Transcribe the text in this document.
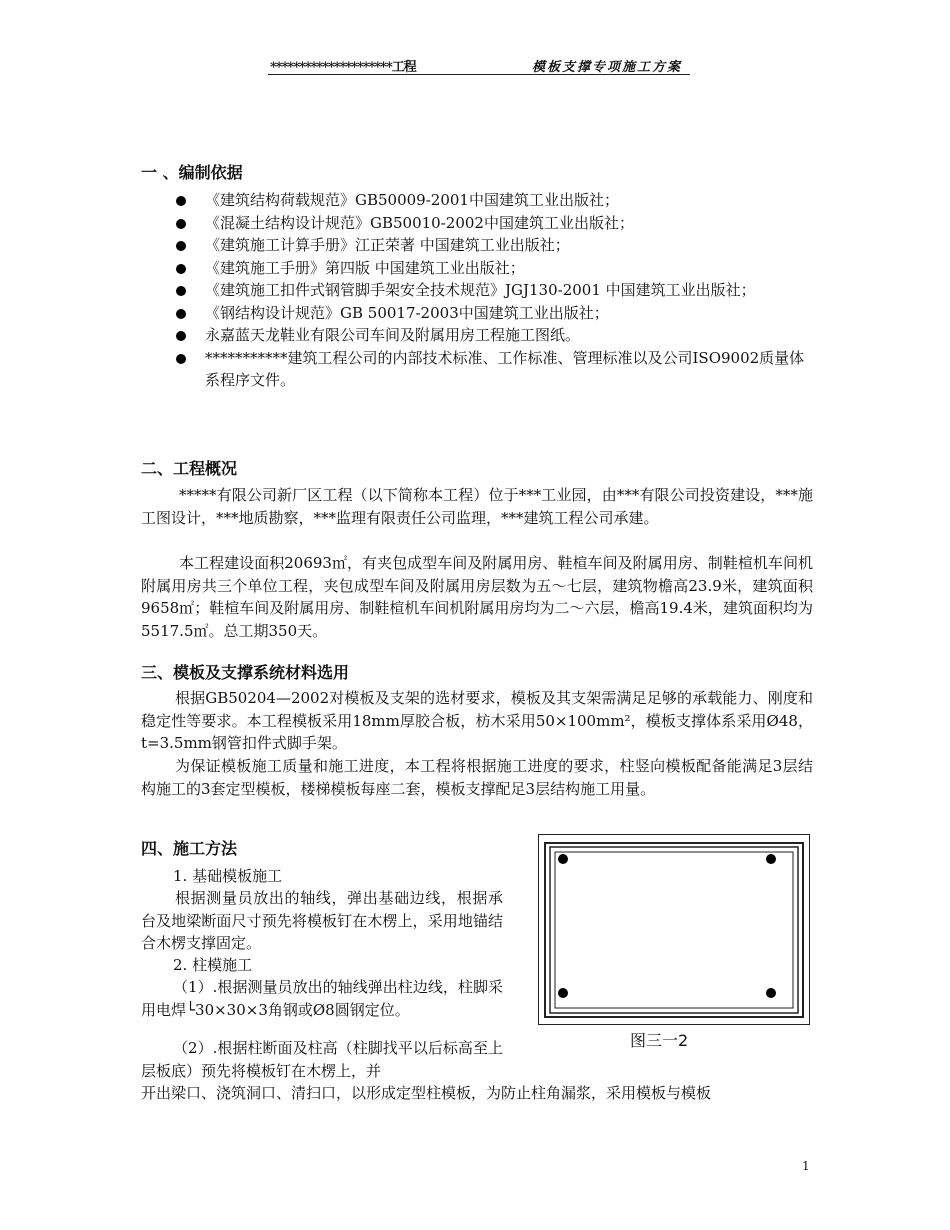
*********************工程	模板支撑专项施工方案
一 、编制依据
《建筑结构荷载规范》GB50009-2001中国建筑工业出版社；
《混凝土结构设计规范》GB50010-2002中国建筑工业出版社；
《建筑施工计算手册》江正荣著 中国建筑工业出版社；
《建筑施工手册》第四版 中国建筑工业出版社；
《建筑施工扣件式钢管脚手架安全技术规范》JGJ130-2001 中国建筑工业出版社；
《钢结构设计规范》GB 50017-2003中国建筑工业出版社；
永嘉蓝天龙鞋业有限公司车间及附属用房工程施工图纸。
***********建筑工程公司的内部技术标准、工作标准、管理标准以及公司ISO9002质量体系程序文件。
二、工程概况

*****有限公司新厂区工程（以下简称本工程）位于***工业园，由***有限公司投资建设，***施工图设计，***地质勘察，***监理有限责任公司监理，***建筑工程公司承建。

本工程建设面积20693㎡，有夹包成型车间及附属用房、鞋楦车间及附属用房、制鞋楦机车间机附属用房共三个单位工程，夹包成型车间及附属用房层数为五～七层，建筑物檐高23.9米，建筑面积9658㎡；鞋楦车间及附属用房、制鞋楦机车间机附属用房均为二～六层，檐高19.4米，建筑面积均为5517.5㎡。总工期350天。

三、模板及支撑系统材料选用

根据GB50204—2002对模板及支架的选材要求，模板及其支架需满足足够的承载能力、刚度和稳定性等要求。本工程模板采用18mm厚胶合板，枋木采用50×100mm²，模板支撑体系采用Ø48，t=3.5mm钢管扣件式脚手架。

为保证模板施工质量和施工进度，本工程将根据施工进度的要求，柱竖向模板配备能满足3层结构施工的3套定型模板，楼梯模板每座二套，模板支撑配足3层结构施工用量。

四、施工方法

1. 基础模板施工

根据测量员放出的轴线，弹出基础边线，根据承台及地梁断面尺寸预先将模板钉在木楞上，采用地锚结合木楞支撑固定。

2. 柱模施工

（1）.根据测量员放出的轴线弹出柱边线，柱脚采用电焊└30×30×3角钢或Ø8圆钢定位。

（2）.根据柱断面及柱高（柱脚找平以后标高至上层板底）预先将模板钉在木楞上，并

开出梁口、浇筑洞口、清扫口，以形成定型柱模板，为防止柱角漏浆，采用模板与模板

图三一2
1
